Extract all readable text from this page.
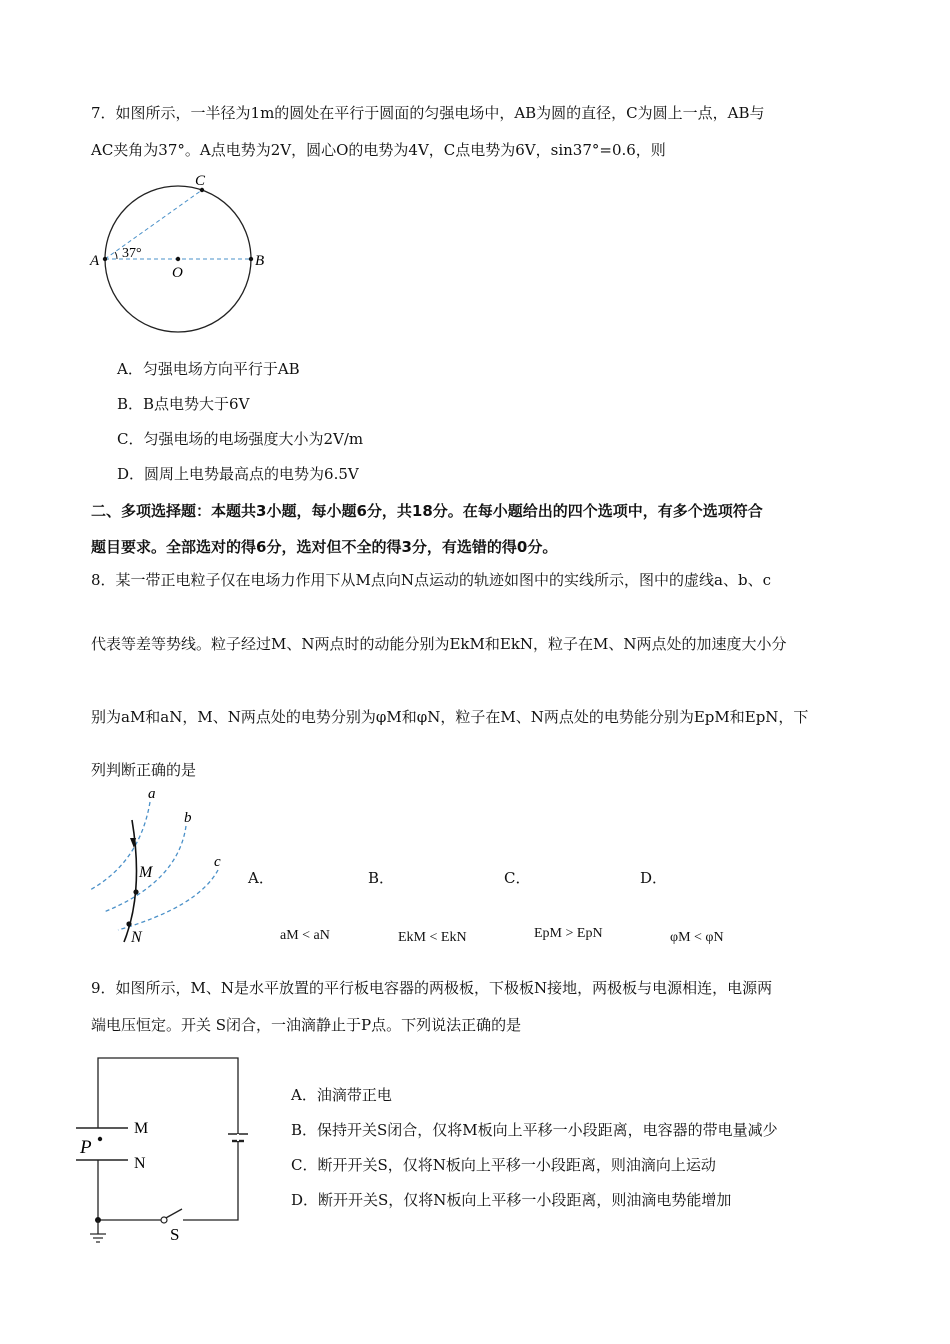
7．如图所示，一半径为1m的圆处在平行于圆面的匀强电场中，AB为圆的直径，C为圆上一点，AB与
AC夹角为37°。A点电势为2V，圆心O的电势为4V，C点电势为6V，sin37°=0.6，则
A	B
C
O
37°
A．匀强电场方向平行于AB
B．B点电势大于6V
C．匀强电场的电场强度大小为2V/m
D．圆周上电势最高点的电势为6.5V
二、多项选择题：本题共3小题，每小题6分，共18分。在每小题给出的四个选项中，有多个选项符合
题目要求。全部选对的得6分，选对但不全的得3分，有选错的得0分。
8．某一带正电粒子仅在电场力作用下从M点向N点运动的轨迹如图中的实线所示，图中的虚线a、b、c
代表等差等势线。粒子经过M、N两点时的动能分别为EkM和EkN，粒子在M、N两点处的加速度大小分
别为aM和aN，M、N两点处的电势分别为φM和φN，粒子在M、N两点处的电势能分别为EpM和EpN，下
列判断正确的是
a
b
c
M
N
A．	B．	C．	D．
aM < aN	EkM < EkN	EpM > EpN	φM < φN
9．如图所示，M、N是水平放置的平行板电容器的两极板，下极板N接地，两极板与电源相连，电源两
端电压恒定。开关 S闭合，一油滴静止于P点。下列说法正确的是
M
N
P
S
A．油滴带正电
B．保持开关S闭合，仅将M板向上平移一小段距离，电容器的带电量减少
C．断开开关S，仅将N板向上平移一小段距离，则油滴向上运动
D．断开开关S，仅将N板向上平移一小段距离，则油滴电势能增加
